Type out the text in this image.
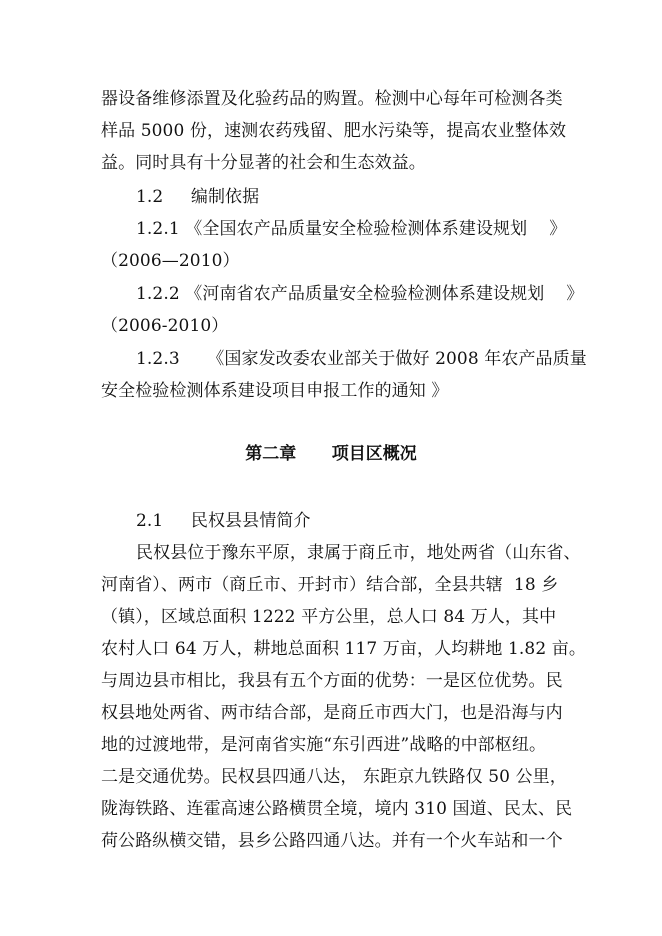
器设备维修添置及化验药品的购置。检测中心每年可检测各类
样品 5000 份，速测农药残留、肥水污染等，提高农业整体效
益。同时具有十分显著的社会和生态效益。
1.2     编制依据
1.2.1 《全国农产品质量安全检验检测体系建设规划    》
（2006—2010）
1.2.2 《河南省农产品质量安全检验检测体系建设规划    》
（2006-2010）
1.2.3     《国家发改委农业部关于做好 2008 年农产品质量
安全检验检测体系建设项目申报工作的通知 》
第二章      项目区概况
2.1     民权县县情简介
民权县位于豫东平原，隶属于商丘市，地处两省（山东省、
河南省）、两市（商丘市、开封市）结合部，全县共辖  18 乡
（镇），区域总面积 1222 平方公里，总人口 84 万人，其中
农村人口 64 万人，耕地总面积 117 万亩，人均耕地 1.82 亩。
与周边县市相比，我县有五个方面的优势：一是区位优势。民
权县地处两省、两市结合部，是商丘市西大门，也是沿海与内
地的过渡地带，是河南省实施“东引西进”战略的中部枢纽。
二是交通优势。民权县四通八达， 东距京九铁路仅 50 公里，
陇海铁路、连霍高速公路横贯全境，境内 310 国道、民太、民
荷公路纵横交错，县乡公路四通八达。并有一个火车站和一个
